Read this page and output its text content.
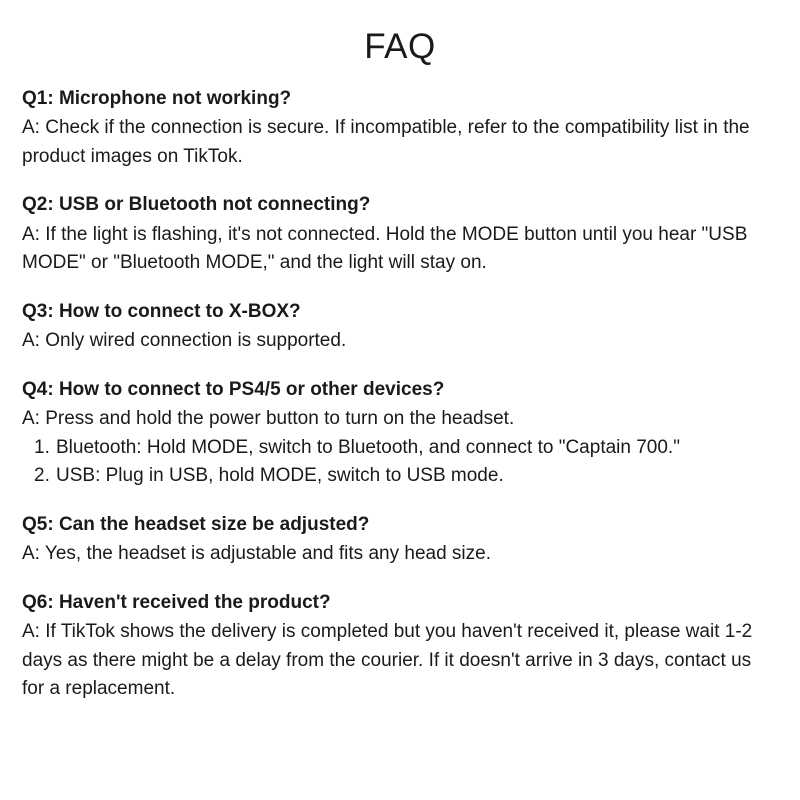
FAQ

Q1: Microphone not working?

A: Check if the connection is secure. If incompatible, refer to the compatibility list in the product images on TikTok.

Q2: USB or Bluetooth not connecting?

A: If the light is flashing, it's not connected. Hold the MODE button until you hear "USB MODE" or "Bluetooth MODE," and the light will stay on.

Q3: How to connect to X-BOX?

A: Only wired connection is supported.

Q4: How to connect to PS4/5 or other devices?

A: Press and hold the power button to turn on the headset.

1. Bluetooth: Hold MODE, switch to Bluetooth, and connect to "Captain 700."
2. USB: Plug in USB, hold MODE, switch to USB mode.

Q5: Can the headset size be adjusted?

A: Yes, the headset is adjustable and fits any head size.

Q6: Haven't received the product?

A: If TikTok shows the delivery is completed but you haven't received it, please wait 1-2 days as there might be a delay from the courier. If it doesn't arrive in 3 days, contact us for a replacement.
